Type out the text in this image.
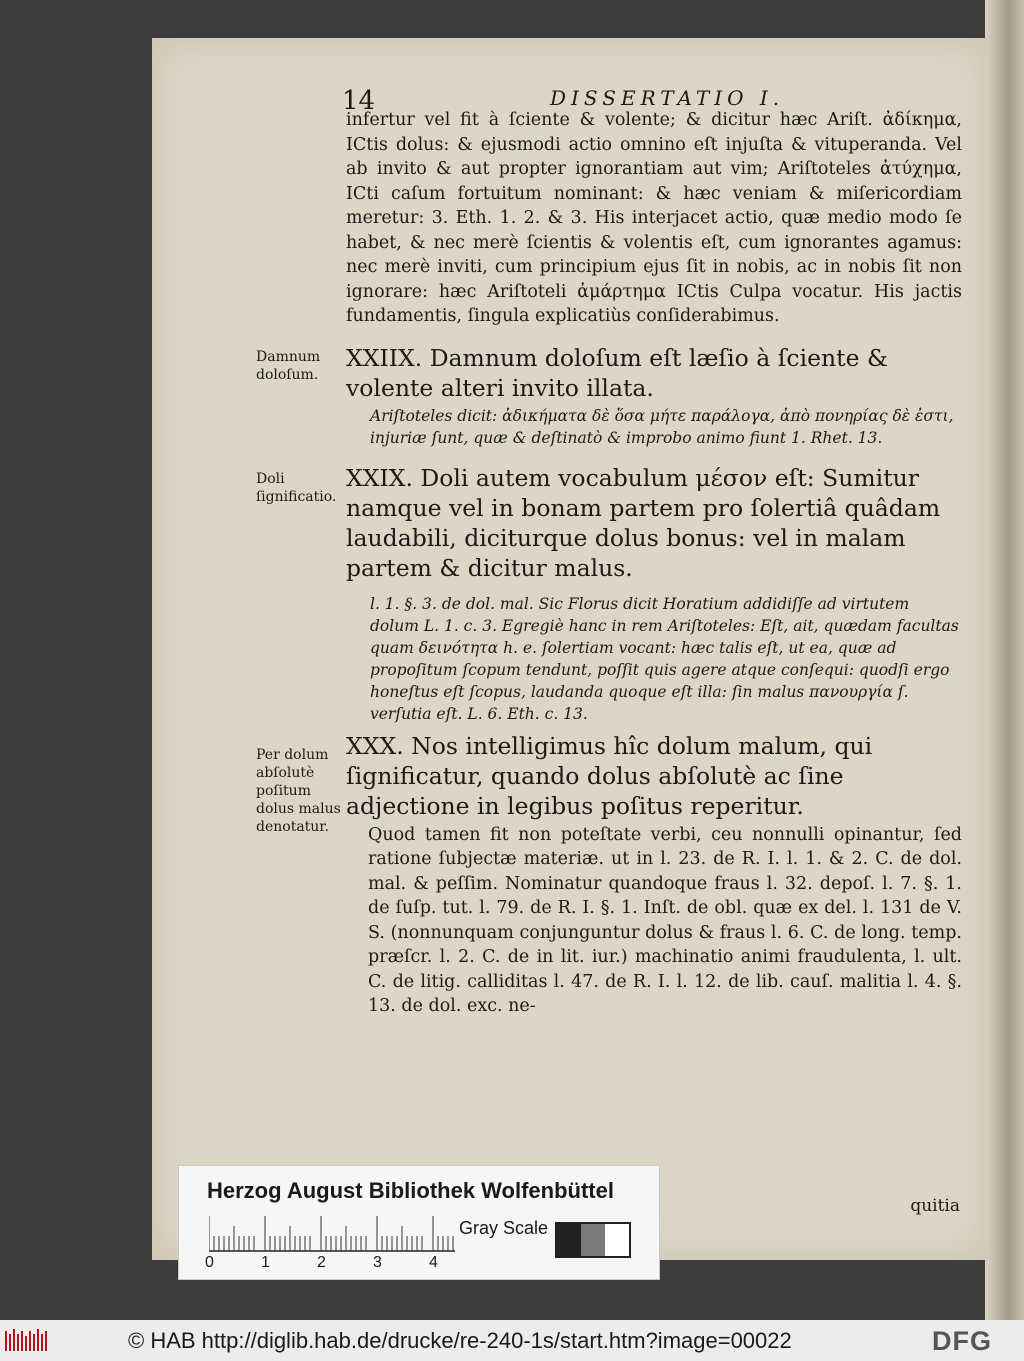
14	DISSERTATIO I.
Damnum doloſum.
Doli ſignificatio.
Per dolum abſolutè poſitum dolus malus denotatur.

infertur vel fit à ſciente & volente; & dicitur hæc Ariſt. ἀδίκημα, ICtis dolus: & ejusmodi actio omnino eſt injuſta & vituperanda. Vel ab invito & aut propter ignorantiam aut vim; Ariſtoteles ἀτύχημα, ICti caſum fortuitum nominant: & hæc veniam & miſericordiam meretur: 3. Eth. 1. 2. & 3. His interjacet actio, quæ medio modo ſe habet, & nec merè ſcientis & volentis eſt, cum ignorantes agamus: nec merè inviti, cum principium ejus ſit in nobis, ac in nobis ſit non ignorare: hæc Ariſtoteli ἁμάρτημα ICtis Culpa vocatur. His jactis fundamentis, ſingula explicatiùs conſiderabimus.

XXIIX. Damnum doloſum eſt læſio à ſciente & volente alteri invito illata.

Ariſtoteles dicit: ἀδικήματα δὲ ὅσα μήτε παράλογα, ἀπὸ πονηρίας δὲ ἐστι, injuriæ ſunt, quæ & deſtinatò & improbo animo fiunt 1. Rhet. 13.

XXIX. Doli autem vocabulum μέσον eſt: Sumitur namque vel in bonam partem pro ſolertiâ quâdam laudabili, diciturque dolus bonus: vel in malam partem & dicitur malus.

l. 1. §. 3. de dol. mal. Sic Florus dicit Horatium addidiſſe ad virtutem dolum L. 1. c. 3. Egregiè hanc in rem Ariſtoteles: Eſt, ait, quædam facultas quam δεινότητα h. e. ſolertiam vocant: hæc talis eſt, ut ea, quæ ad propoſitum ſcopum tendunt, poſſit quis agere atque conſequi: quodſi ergo honeſtus eſt ſcopus, laudanda quoque eſt illa: ſin malus πανουργία ſ. verſutia eſt. L. 6. Eth. c. 13.

XXX. Nos intelligimus hîc dolum malum, qui ſignificatur, quando dolus abſolutè ac ſine adjectione in legibus poſitus reperitur.

Quod tamen fit non poteſtate verbi, ceu nonnulli opinantur, ſed ratione ſubjectæ materiæ. ut in l. 23. de R. I. l. 1. & 2. C. de dol. mal. & peſſim. Nominatur quandoque fraus l. 32. depoſ. l. 7. §. 1. de ſuſp. tut. l. 79. de R. I. §. 1. Inſt. de obl. quæ ex del. l. 131 de V. S. (nonnunquam conjunguntur dolus & fraus l. 6. C. de long. temp. præſcr. l. 2. C. de in lit. iur.) machinatio animi fraudulenta, l. ult. C. de litig. calliditas l. 47. de R. I. l. 12. de lib. cauſ. malitia l. 4. §. 13. de dol. exc. ne-

quitia
Herzog August Bibliothek Wolfenbüttel
0	1	2	3	4
Gray Scale
© HAB http://diglib.hab.de/drucke/re-240-1s/start.htm?image=00022	DFG
